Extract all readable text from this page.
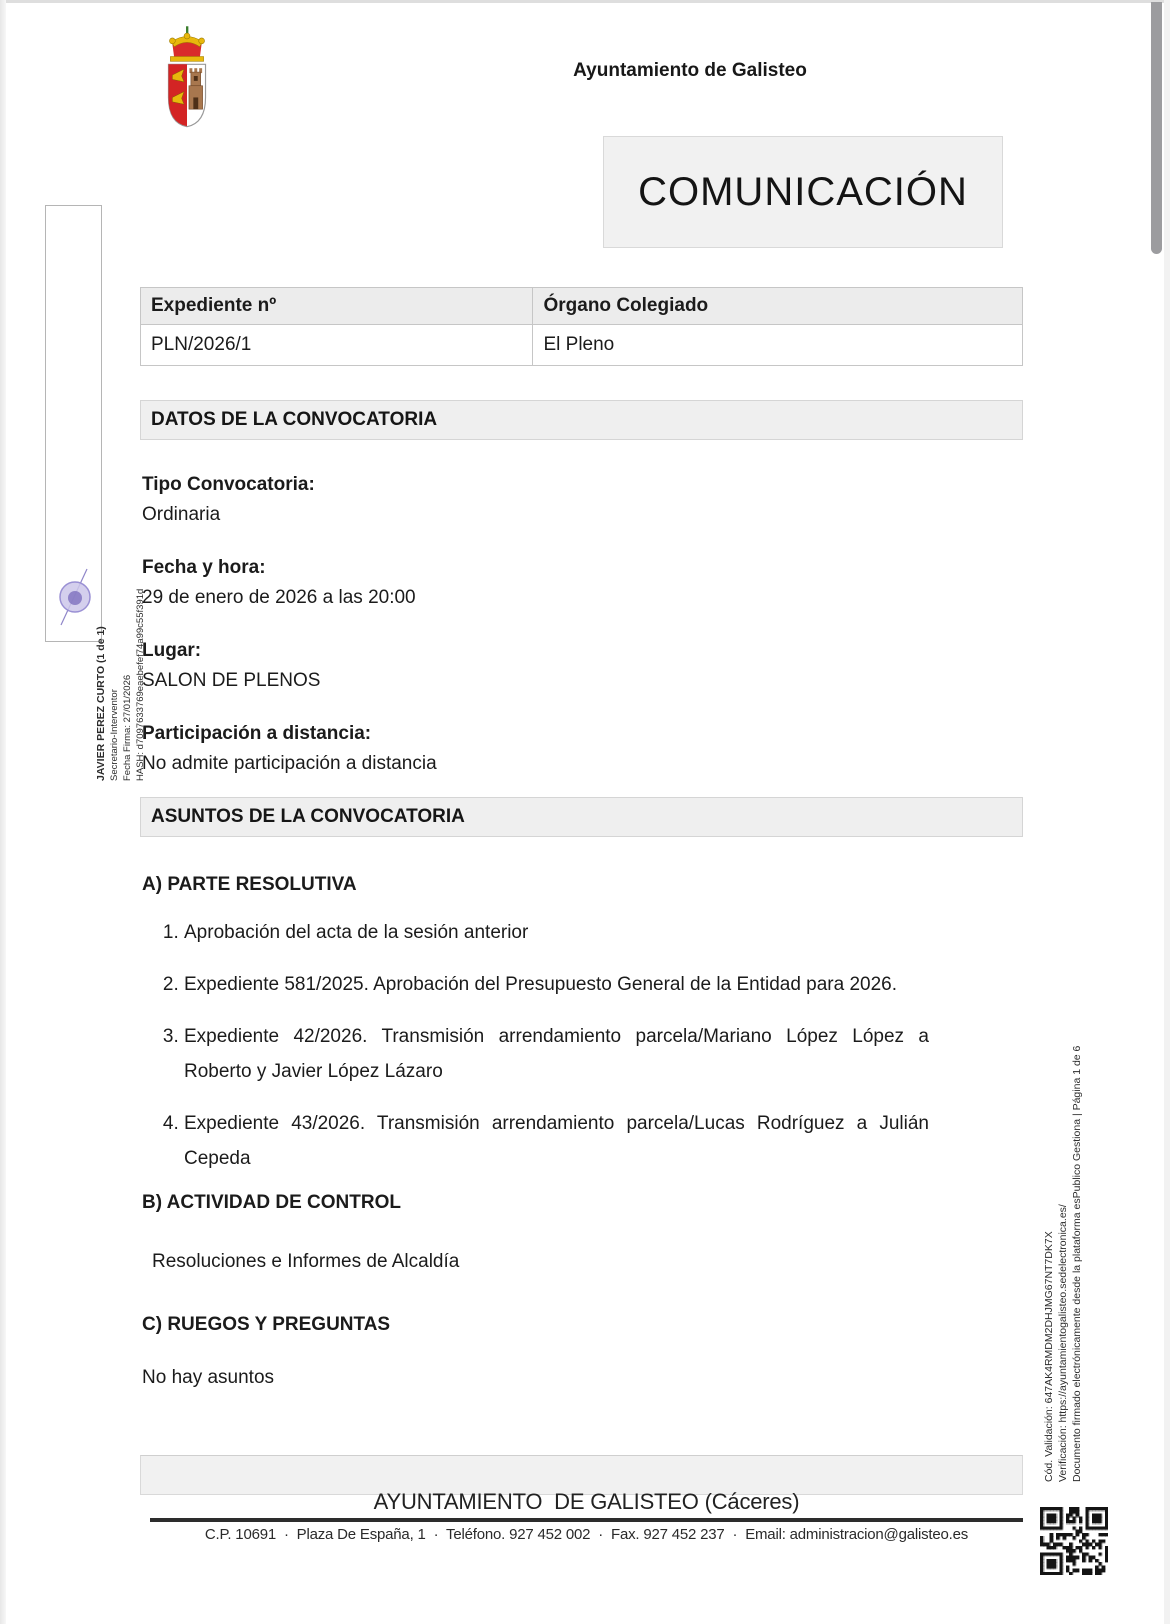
Ayuntamiento de Galisteo
COMUNICACIÓN
Expediente nº	Órgano Colegiado
PLN/2026/1	El Pleno
DATOS DE LA CONVOCATORIA
Tipo Convocatoria:
Ordinaria
Fecha y hora:
29 de enero de 2026 a las 20:00
Lugar:
SALON DE PLENOS
Participación a distancia:
No admite participación a distancia
ASUNTOS DE LA CONVOCATORIA
A) PARTE RESOLUTIVA
1. Aprobación del acta de la sesión anterior
2. Expediente 581/2025. Aprobación del Presupuesto General de la Entidad para 2026.
3. Expediente 42/2026. Transmisión arrendamiento parcela/Mariano López López a Roberto y Javier López Lázaro
4. Expediente 43/2026. Transmisión arrendamiento parcela/Lucas Rodríguez a Julián Cepeda
B) ACTIVIDAD DE CONTROL
Resoluciones e Informes de Alcaldía
C) RUEGOS Y PREGUNTAS
No hay asuntos
AYUNTAMIENTO  DE GALISTEO (Cáceres)
C.P. 10691  ·  Plaza De España, 1  ·  Teléfono. 927 452 002  ·  Fax. 927 452 237  ·  Email: administracion@galisteo.es
JAVIER PEREZ CURTO (1 de 1) Secretario-Interventor Fecha Firma: 27/01/2026 HASH: d7097633769eaebefef74a99c55f391d
Cód. Validación: 647AK4RMDM2DHJMG67NT7DK7X Verificación: https://ayuntamientogalisteo.sedelectronica.es/ Documento firmado electrónicamente desde la plataforma esPublico Gestiona | Página 1 de 6
